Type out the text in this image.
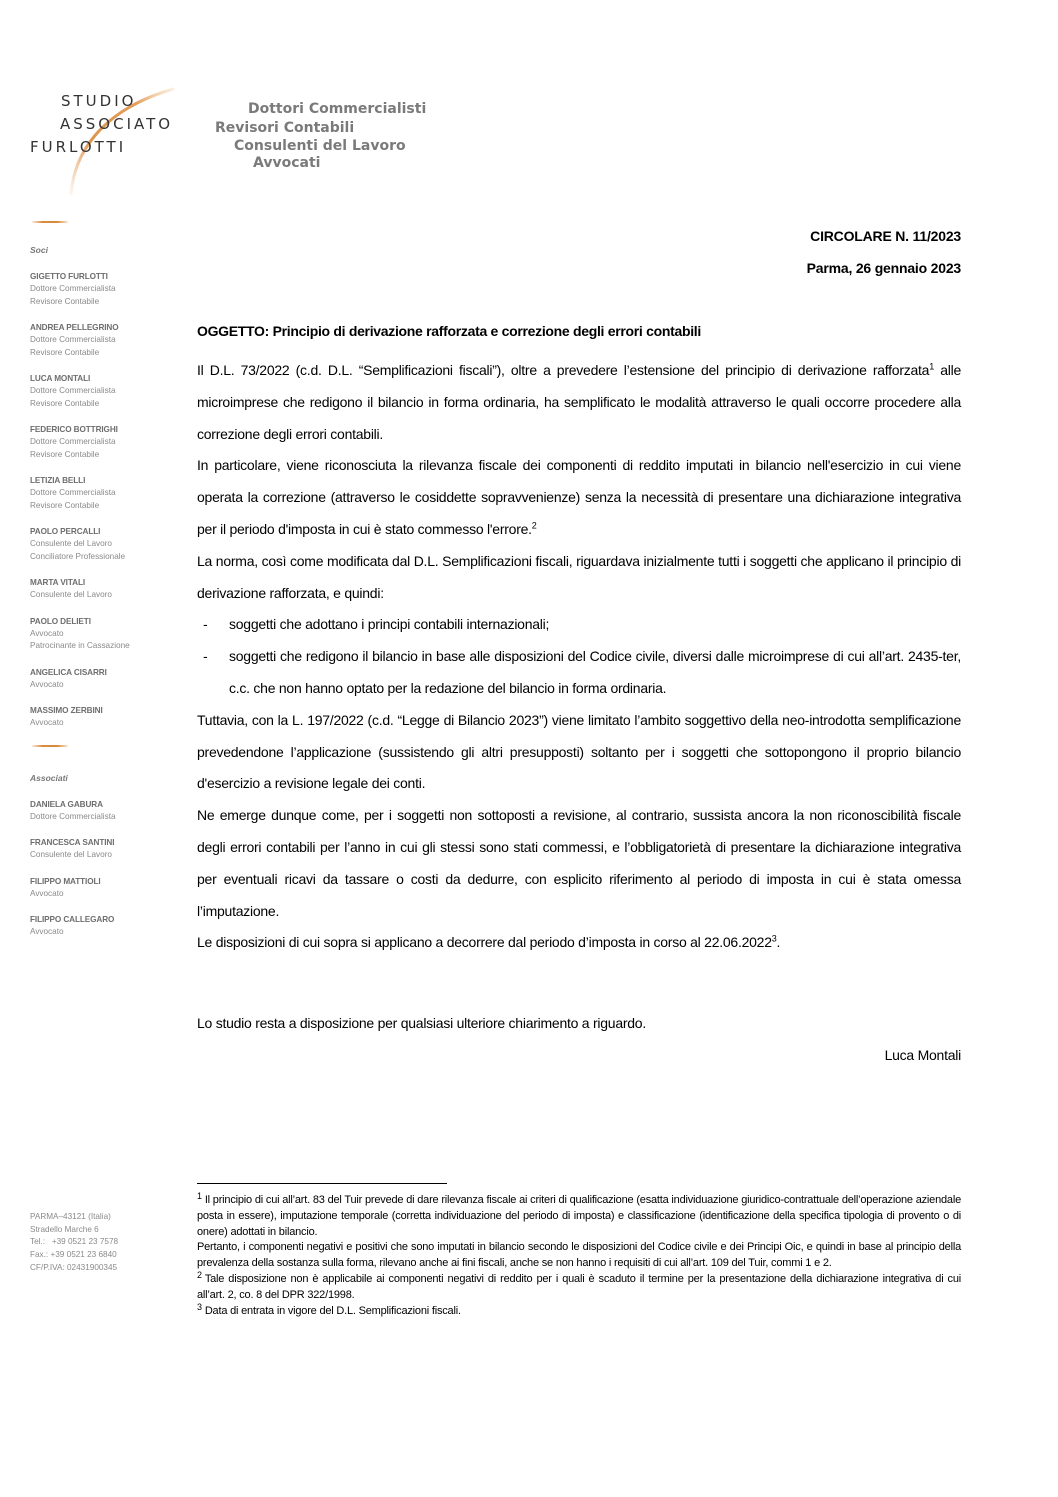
STUDIO
ASSOCIATO
FURLOTTI
Dottori Commercialisti
Revisori Contabili
Consulenti del Lavoro
Avvocati
Soci
GIGETTO FURLOTTI
Dottore Commercialista
Revisore Contabile
ANDREA PELLEGRINO
Dottore Commercialista
Revisore Contabile
LUCA MONTALI
Dottore Commercialista
Revisore Contabile
FEDERICO BOTTRIGHI
Dottore Commercialista
Revisore Contabile
LETIZIA BELLI
Dottore Commercialista
Revisore Contabile
PAOLO PERCALLI
Consulente del Lavoro
Conciliatore Professionale
MARTA VITALI
Consulente del Lavoro
PAOLO DELIETI
Avvocato
Patrocinante in Cassazione
ANGELICA CISARRI
Avvocato
MASSIMO ZERBINI
Avvocato
Associati
DANIELA GABURA
Dottore Commercialista
FRANCESCA SANTINI
Consulente del Lavoro
FILIPPO MATTIOLI
Avvocato
FILIPPO CALLEGARO
Avvocato
PARMA–43121 (Italia)
Stradello Marche 6
Tel.:   +39 0521 23 7578
Fax.: +39 0521 23 6840
CF/P.IVA: 02431900345
CIRCOLARE N. 11/2023
Parma, 26 gennaio 2023
OGGETTO: Principio di derivazione rafforzata e correzione degli errori contabili

Il D.L. 73/2022 (c.d. D.L. “Semplificazioni fiscali”), oltre a prevedere l’estensione del principio di derivazione rafforzata$^1$ alle microimprese che redigono il bilancio in forma ordinaria, ha semplificato le modalità attraverso le quali occorre procedere alla correzione degli errori contabili.

In particolare, viene riconosciuta la rilevanza fiscale dei componenti di reddito imputati in bilancio nell'esercizio in cui viene operata la correzione (attraverso le cosiddette sopravvenienze) senza la necessità di presentare una dichiarazione integrativa per il periodo d'imposta in cui è stato commesso l'errore.$^2$

La norma, così come modificata dal D.L. Semplificazioni fiscali, riguardava inizialmente tutti i soggetti che applicano il principio di derivazione rafforzata, e quindi:

-	soggetti che adottano i principi contabili internazionali;
-	soggetti che redigono il bilancio in base alle disposizioni del Codice civile, diversi dalle microimprese di cui all’art. 2435-ter, c.c. che non hanno optato per la redazione del bilancio in forma ordinaria.

Tuttavia, con la L. 197/2022 (c.d. “Legge di Bilancio 2023”) viene limitato l’ambito soggettivo della neo-introdotta semplificazione prevedendone l’applicazione (sussistendo gli altri presupposti) soltanto per i soggetti che sottopongono il proprio bilancio d'esercizio a revisione legale dei conti.

Ne emerge dunque come, per i soggetti non sottoposti a revisione, al contrario, sussista ancora la non riconoscibilità fiscale degli errori contabili per l’anno in cui gli stessi sono stati commessi, e l’obbligatorietà di presentare la dichiarazione integrativa per eventuali ricavi da tassare o costi da dedurre, con esplicito riferimento al periodo di imposta in cui è stata omessa l’imputazione.

Le disposizioni di cui sopra si applicano a decorrere dal periodo d’imposta in corso al 22.06.2022$^3$.

Lo studio resta a disposizione per qualsiasi ulteriore chiarimento a riguardo.
Luca Montali

$^1$ Il principio di cui all’art. 83 del Tuir prevede di dare rilevanza fiscale ai criteri di qualificazione (esatta individuazione giuridico-contrattuale dell’operazione aziendale posta in essere), imputazione temporale (corretta individuazione del periodo di imposta) e classificazione (identificazione della specifica tipologia di provento o di onere) adottati in bilancio.

Pertanto, i componenti negativi e positivi che sono imputati in bilancio secondo le disposizioni del Codice civile e dei Principi Oic, e quindi in base al principio della prevalenza della sostanza sulla forma, rilevano anche ai fini fiscali, anche se non hanno i requisiti di cui all’art. 109 del Tuir, commi 1 e 2.

$^2$ Tale disposizione non è applicabile ai componenti negativi di reddito per i quali è scaduto il termine per la presentazione della dichiarazione integrativa di cui all’art. 2, co. 8 del DPR 322/1998.

$^3$ Data di entrata in vigore del D.L. Semplificazioni fiscali.
